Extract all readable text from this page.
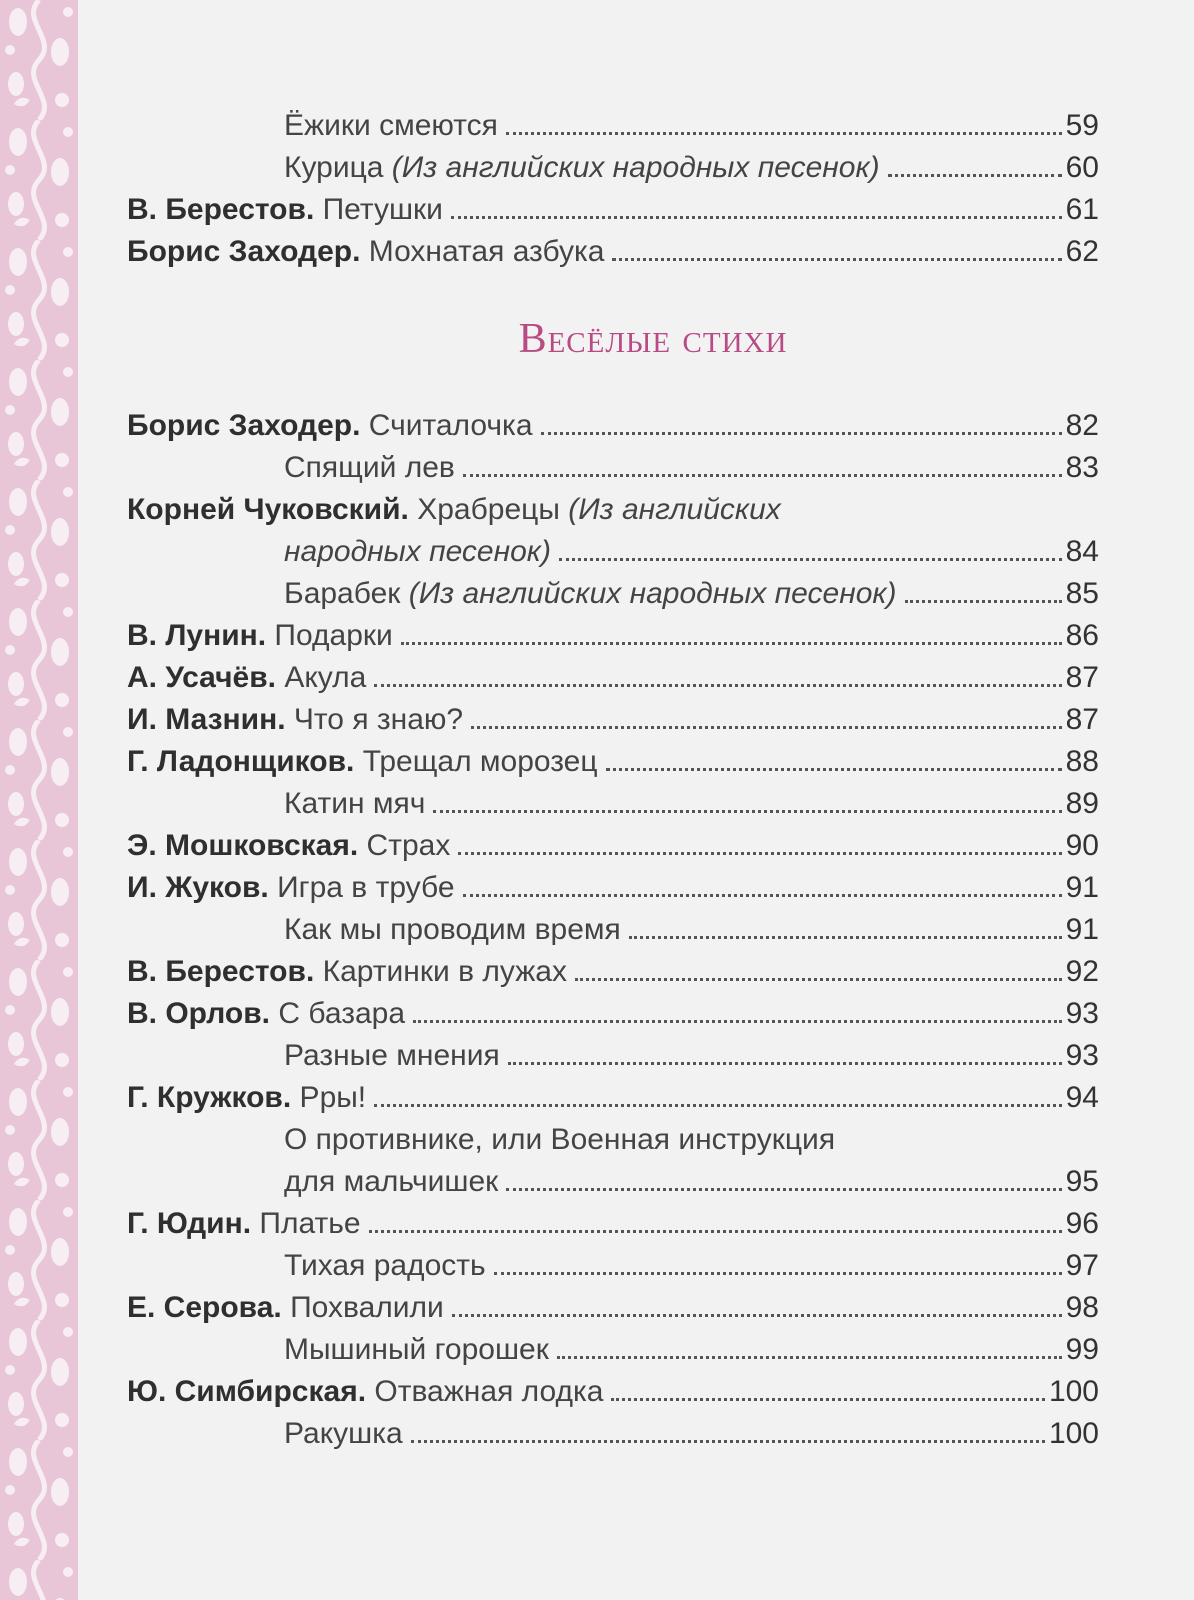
Ёжики смеются	59
Курица (Из английских народных песенок)	60
В. Берестов. Петушки	61
Борис Заходер. Мохнатая азбука	62
Весёлые стихи
Борис Заходер. Считалочка	82
Спящий лев	83
Корней Чуковский. Храбрецы (Из английских
народных песенок)	84
Барабек (Из английских народных песенок)	85
В. Лунин. Подарки	86
А. Усачёв. Акула	87
И. Мазнин. Что я знаю?	87
Г. Ладонщиков. Трещал морозец	88
Катин мяч	89
Э. Мошковская. Страх	90
И. Жуков. Игра в трубе	91
Как мы проводим время	91
В. Берестов. Картинки в лужах	92
В. Орлов. С базара	93
Разные мнения	93
Г. Кружков. Рры!	94
О противнике, или Военная инструкция
для мальчишек	95
Г. Юдин. Платье	96
Тихая радость	97
Е. Серова. Похвалили	98
Мышиный горошек	99
Ю. Симбирская. Отважная лодка	100
Ракушка	100
